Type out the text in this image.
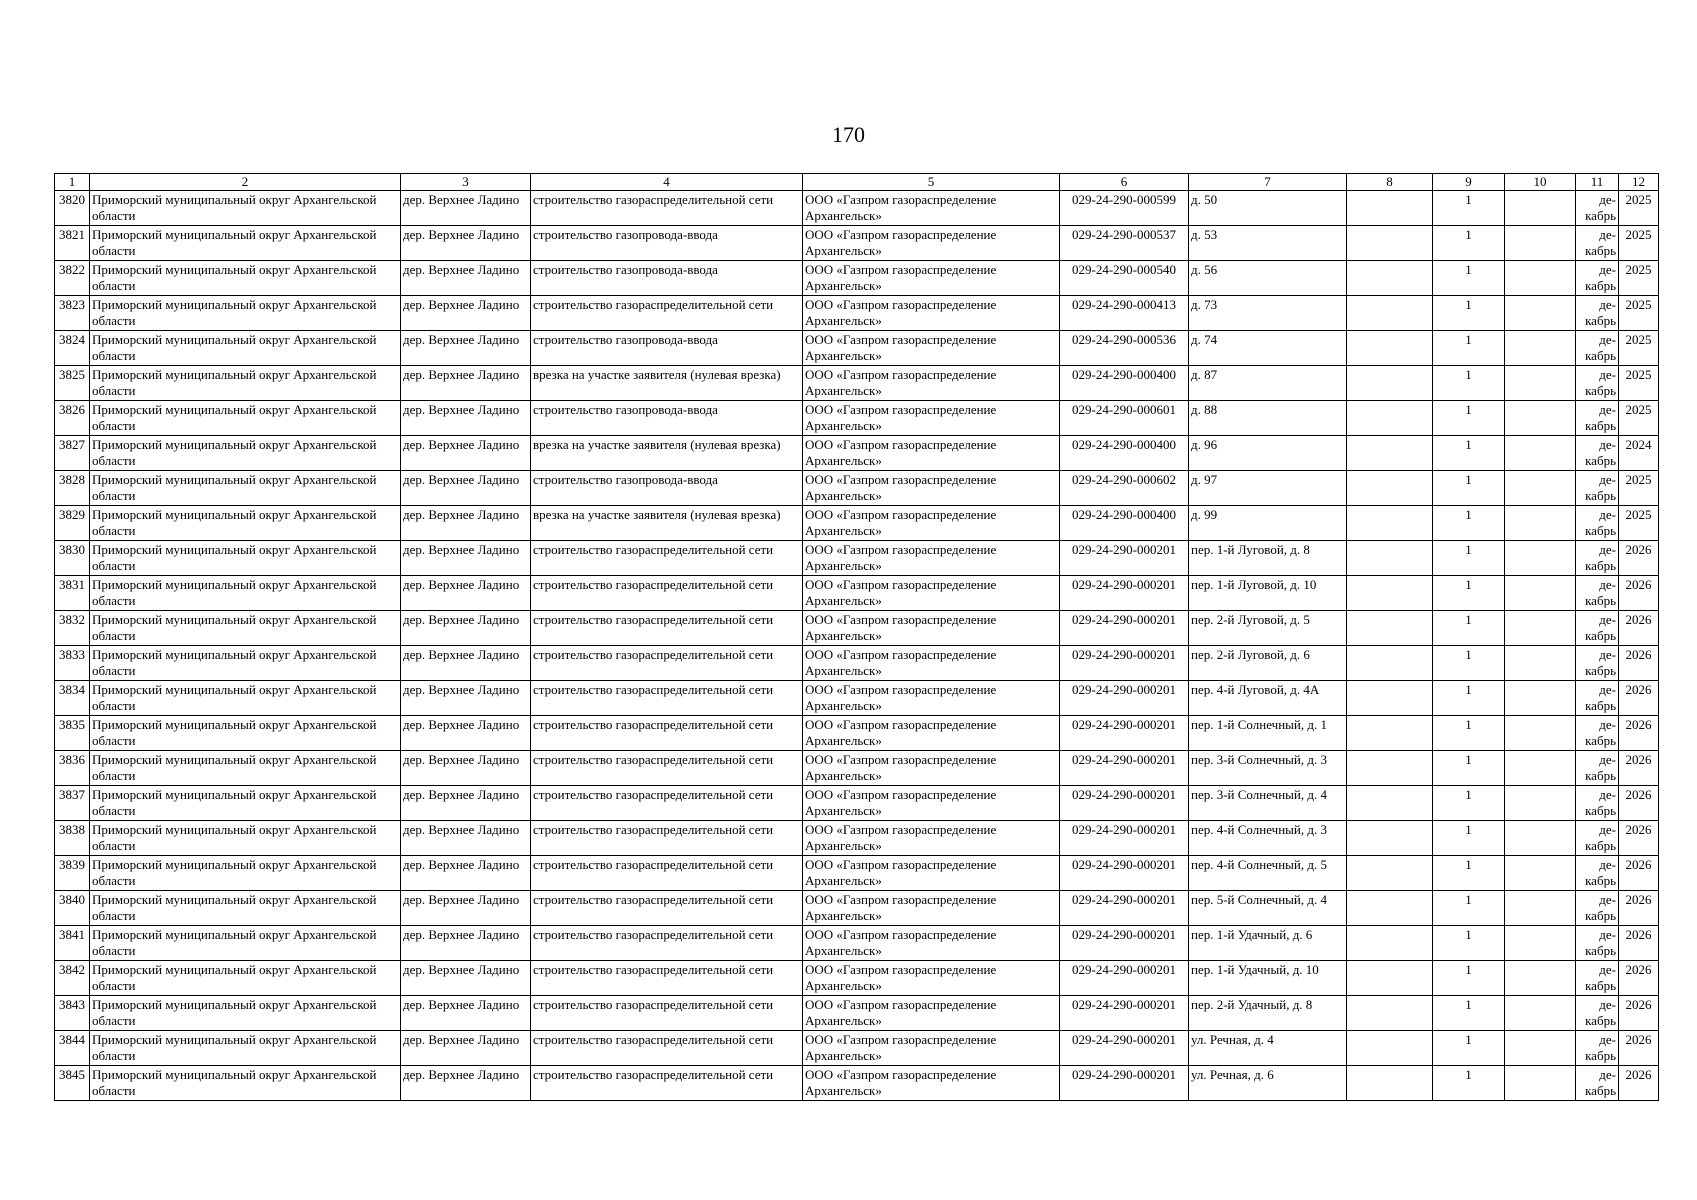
170
1	2	3	4	5	6	7	8	9	10	11	12
3820	Приморский муниципальный округ Архангельской области	дер. Верхнее Ладино	строительство газораспределительной сети	ООО «Газпром газораспределение Архангельск»	029-24-290-000599	д. 50		1		де-кабрь	2025
3821	Приморский муниципальный округ Архангельской области	дер. Верхнее Ладино	строительство газопровода-ввода	ООО «Газпром газораспределение Архангельск»	029-24-290-000537	д. 53		1		де-кабрь	2025
3822	Приморский муниципальный округ Архангельской области	дер. Верхнее Ладино	строительство газопровода-ввода	ООО «Газпром газораспределение Архангельск»	029-24-290-000540	д. 56		1		де-кабрь	2025
3823	Приморский муниципальный округ Архангельской области	дер. Верхнее Ладино	строительство газораспределительной сети	ООО «Газпром газораспределение Архангельск»	029-24-290-000413	д. 73		1		де-кабрь	2025
3824	Приморский муниципальный округ Архангельской области	дер. Верхнее Ладино	строительство газопровода-ввода	ООО «Газпром газораспределение Архангельск»	029-24-290-000536	д. 74		1		де-кабрь	2025
3825	Приморский муниципальный округ Архангельской области	дер. Верхнее Ладино	врезка на участке заявителя (нулевая врезка)	ООО «Газпром газораспределение Архангельск»	029-24-290-000400	д. 87		1		де-кабрь	2025
3826	Приморский муниципальный округ Архангельской области	дер. Верхнее Ладино	строительство газопровода-ввода	ООО «Газпром газораспределение Архангельск»	029-24-290-000601	д. 88		1		де-кабрь	2025
3827	Приморский муниципальный округ Архангельской области	дер. Верхнее Ладино	врезка на участке заявителя (нулевая врезка)	ООО «Газпром газораспределение Архангельск»	029-24-290-000400	д. 96		1		де-кабрь	2024
3828	Приморский муниципальный округ Архангельской области	дер. Верхнее Ладино	строительство газопровода-ввода	ООО «Газпром газораспределение Архангельск»	029-24-290-000602	д. 97		1		де-кабрь	2025
3829	Приморский муниципальный округ Архангельской области	дер. Верхнее Ладино	врезка на участке заявителя (нулевая врезка)	ООО «Газпром газораспределение Архангельск»	029-24-290-000400	д. 99		1		де-кабрь	2025
3830	Приморский муниципальный округ Архангельской области	дер. Верхнее Ладино	строительство газораспределительной сети	ООО «Газпром газораспределение Архангельск»	029-24-290-000201	пер. 1-й Луговой, д. 8		1		де-кабрь	2026
3831	Приморский муниципальный округ Архангельской области	дер. Верхнее Ладино	строительство газораспределительной сети	ООО «Газпром газораспределение Архангельск»	029-24-290-000201	пер. 1-й Луговой, д. 10		1		де-кабрь	2026
3832	Приморский муниципальный округ Архангельской области	дер. Верхнее Ладино	строительство газораспределительной сети	ООО «Газпром газораспределение Архангельск»	029-24-290-000201	пер. 2-й Луговой, д. 5		1		де-кабрь	2026
3833	Приморский муниципальный округ Архангельской области	дер. Верхнее Ладино	строительство газораспределительной сети	ООО «Газпром газораспределение Архангельск»	029-24-290-000201	пер. 2-й Луговой, д. 6		1		де-кабрь	2026
3834	Приморский муниципальный округ Архангельской области	дер. Верхнее Ладино	строительство газораспределительной сети	ООО «Газпром газораспределение Архангельск»	029-24-290-000201	пер. 4-й Луговой, д. 4А		1		де-кабрь	2026
3835	Приморский муниципальный округ Архангельской области	дер. Верхнее Ладино	строительство газораспределительной сети	ООО «Газпром газораспределение Архангельск»	029-24-290-000201	пер. 1-й Солнечный, д. 1		1		де-кабрь	2026
3836	Приморский муниципальный округ Архангельской области	дер. Верхнее Ладино	строительство газораспределительной сети	ООО «Газпром газораспределение Архангельск»	029-24-290-000201	пер. 3-й Солнечный, д. 3		1		де-кабрь	2026
3837	Приморский муниципальный округ Архангельской области	дер. Верхнее Ладино	строительство газораспределительной сети	ООО «Газпром газораспределение Архангельск»	029-24-290-000201	пер. 3-й Солнечный, д. 4		1		де-кабрь	2026
3838	Приморский муниципальный округ Архангельской области	дер. Верхнее Ладино	строительство газораспределительной сети	ООО «Газпром газораспределение Архангельск»	029-24-290-000201	пер. 4-й Солнечный, д. 3		1		де-кабрь	2026
3839	Приморский муниципальный округ Архангельской области	дер. Верхнее Ладино	строительство газораспределительной сети	ООО «Газпром газораспределение Архангельск»	029-24-290-000201	пер. 4-й Солнечный, д. 5		1		де-кабрь	2026
3840	Приморский муниципальный округ Архангельской области	дер. Верхнее Ладино	строительство газораспределительной сети	ООО «Газпром газораспределение Архангельск»	029-24-290-000201	пер. 5-й Солнечный, д. 4		1		де-кабрь	2026
3841	Приморский муниципальный округ Архангельской области	дер. Верхнее Ладино	строительство газораспределительной сети	ООО «Газпром газораспределение Архангельск»	029-24-290-000201	пер. 1-й Удачный, д. 6		1		де-кабрь	2026
3842	Приморский муниципальный округ Архангельской области	дер. Верхнее Ладино	строительство газораспределительной сети	ООО «Газпром газораспределение Архангельск»	029-24-290-000201	пер. 1-й Удачный, д. 10		1		де-кабрь	2026
3843	Приморский муниципальный округ Архангельской области	дер. Верхнее Ладино	строительство газораспределительной сети	ООО «Газпром газораспределение Архангельск»	029-24-290-000201	пер. 2-й Удачный, д. 8		1		де-кабрь	2026
3844	Приморский муниципальный округ Архангельской области	дер. Верхнее Ладино	строительство газораспределительной сети	ООО «Газпром газораспределение Архангельск»	029-24-290-000201	ул. Речная, д. 4		1		де-кабрь	2026
3845	Приморский муниципальный округ Архангельской области	дер. Верхнее Ладино	строительство газораспределительной сети	ООО «Газпром газораспределение Архангельск»	029-24-290-000201	ул. Речная, д. 6		1		де-кабрь	2026
